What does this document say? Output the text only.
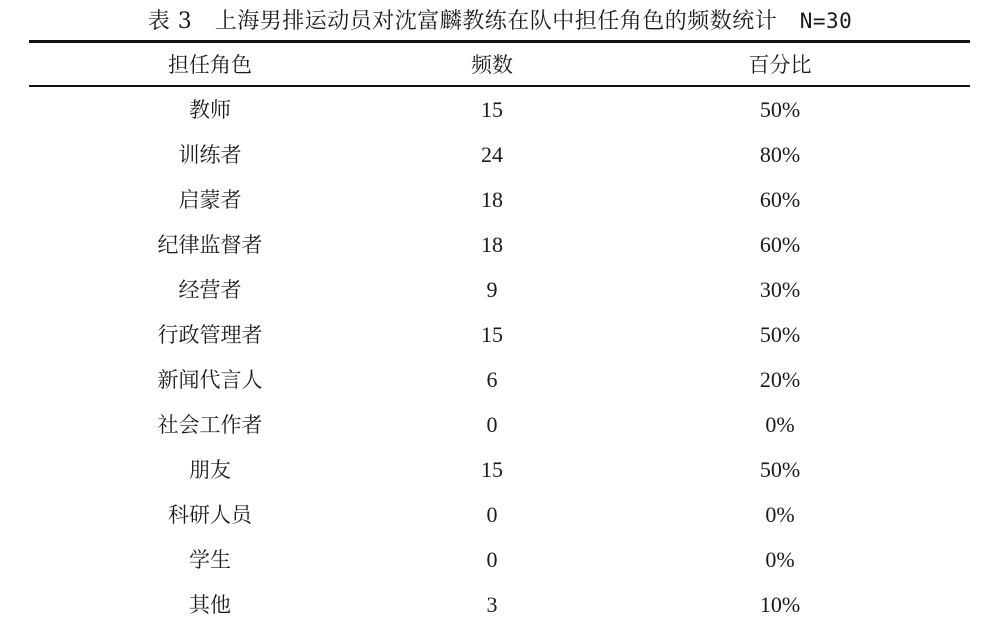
表 3   上海男排运动员对沈富麟教练在队中担任角色的频数统计   N=30
担任角色	频数	百分比
教师	15	50%
训练者	24	80%
启蒙者	18	60%
纪律监督者	18	60%
经营者	9	30%
行政管理者	15	50%
新闻代言人	6	20%
社会工作者	0	0%
朋友	15	50%
科研人员	0	0%
学生	0	0%
其他	3	10%
